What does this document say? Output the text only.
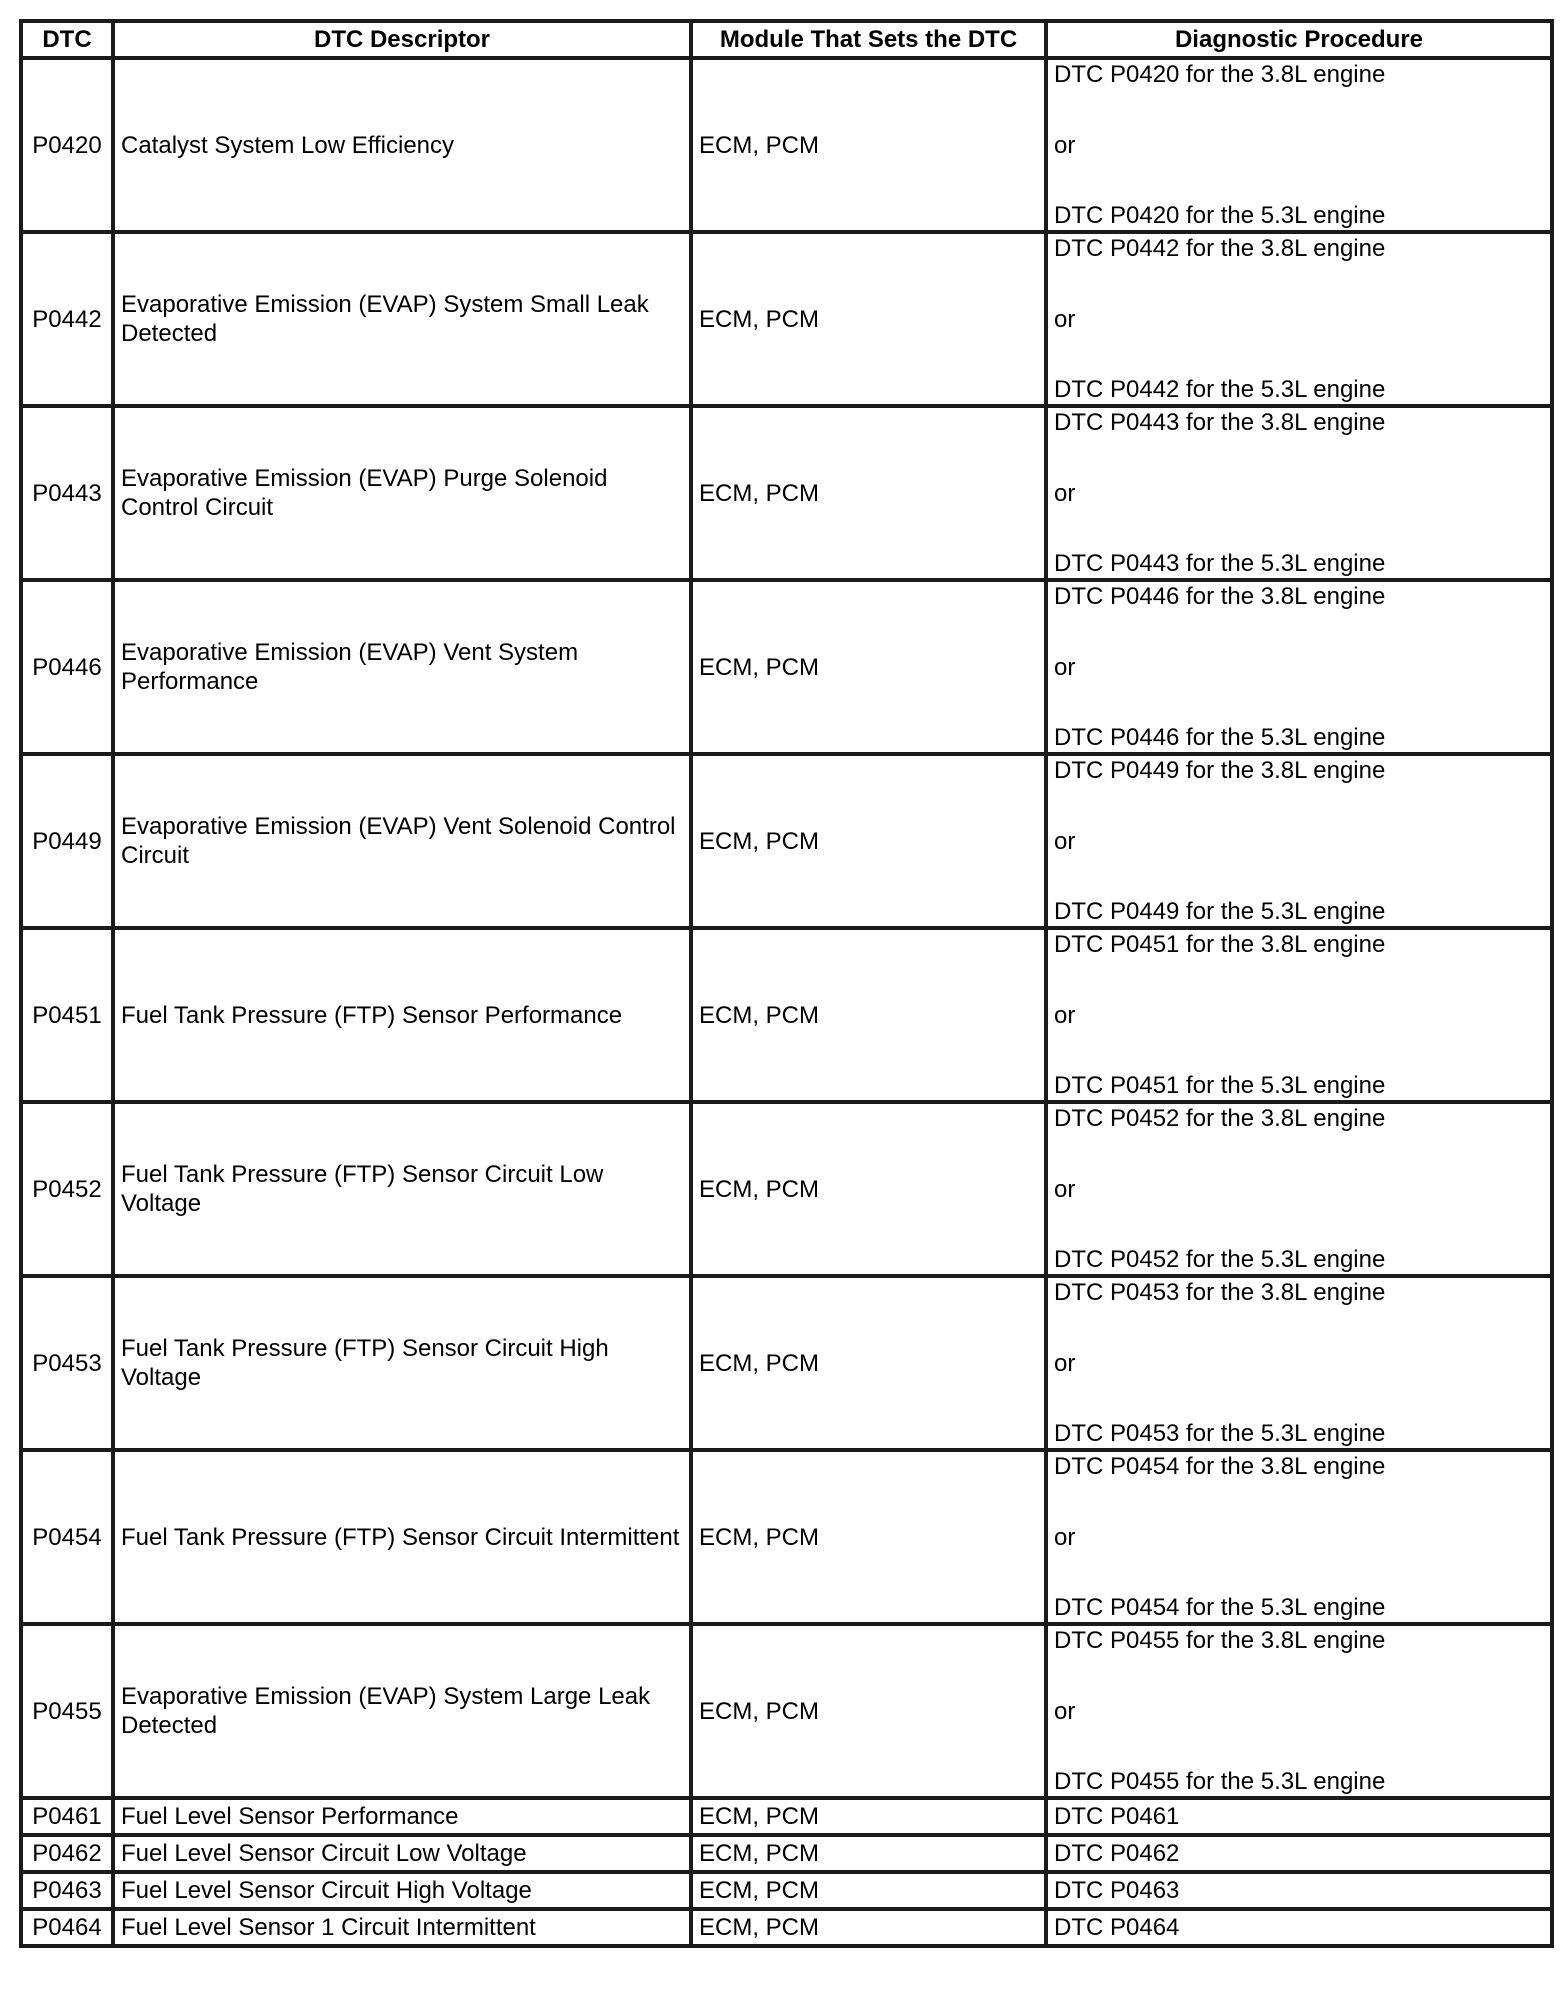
DTC	DTC Descriptor	Module That Sets the DTC	Diagnostic Procedure
P0420	Catalyst System Low Efficiency	ECM, PCM	DTC P0420 for the 3.8L engine
or
DTC P0420 for the 5.3L engine

P0442	Evaporative Emission (EVAP) System Small Leak Detected	ECM, PCM	DTC P0442 for the 3.8L engine
or
DTC P0442 for the 5.3L engine

P0443	Evaporative Emission (EVAP) Purge Solenoid Control Circuit	ECM, PCM	DTC P0443 for the 3.8L engine
or
DTC P0443 for the 5.3L engine

P0446	Evaporative Emission (EVAP) Vent System Performance	ECM, PCM	DTC P0446 for the 3.8L engine
or
DTC P0446 for the 5.3L engine

P0449	Evaporative Emission (EVAP) Vent Solenoid Control Circuit	ECM, PCM	DTC P0449 for the 3.8L engine
or
DTC P0449 for the 5.3L engine

P0451	Fuel Tank Pressure (FTP) Sensor Performance	ECM, PCM	DTC P0451 for the 3.8L engine
or
DTC P0451 for the 5.3L engine

P0452	Fuel Tank Pressure (FTP) Sensor Circuit Low Voltage	ECM, PCM	DTC P0452 for the 3.8L engine
or
DTC P0452 for the 5.3L engine

P0453	Fuel Tank Pressure (FTP) Sensor Circuit High Voltage	ECM, PCM	DTC P0453 for the 3.8L engine
or
DTC P0453 for the 5.3L engine

P0454	Fuel Tank Pressure (FTP) Sensor Circuit Intermittent	ECM, PCM	DTC P0454 for the 3.8L engine
or
DTC P0454 for the 5.3L engine

P0455	Evaporative Emission (EVAP) System Large Leak Detected	ECM, PCM	DTC P0455 for the 3.8L engine
or
DTC P0455 for the 5.3L engine

P0461	Fuel Level Sensor Performance	ECM, PCM	DTC P0461
P0462	Fuel Level Sensor Circuit Low Voltage	ECM, PCM	DTC P0462
P0463	Fuel Level Sensor Circuit High Voltage	ECM, PCM	DTC P0463
P0464	Fuel Level Sensor 1 Circuit Intermittent	ECM, PCM	DTC P0464
